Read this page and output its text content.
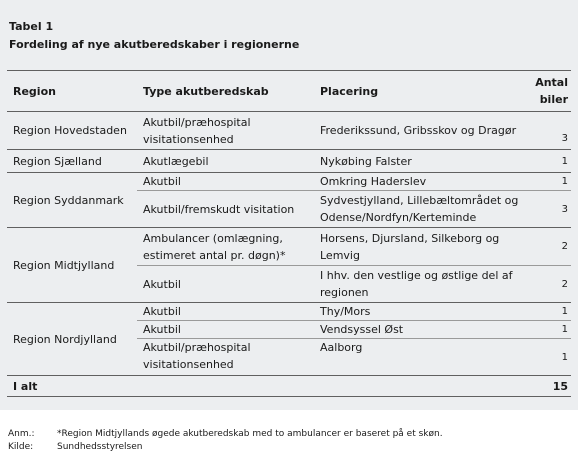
Tabel 1
Fordeling af nye akutberedskaber i regionerne
Region	Type akutberedskab	Placering	Antal biler
Region Hovedstaden	Akutbil/præhospital visitationsenhed	Frederikssund, Gribsskov og Dragør	3
Region Sjælland	Akutlægebil	Nykøbing Falster	1
Region Syddanmark	Akutbil	Omkring Haderslev	1
	Akutbil/fremskudt visitation	Sydvestjylland, Lillebæltområdet og Odense/Nordfyn/Kerteminde	3
Region Midtjylland	Ambulancer (omlægning, estimeret antal pr. døgn)*	Horsens, Djursland, Silkeborg og Lemvig	2
	Akutbil	I hhv. den vestlige og østlige del af regionen	2
Region Nordjylland	Akutbil	Thy/Mors	1
	Akutbil	Vendsyssel Øst	1
	Akutbil/præhospital visitationsenhed	Aalborg	1
I alt			15
Anm.: *Region Midtjyllands øgede akutberedskab med to ambulancer er baseret på et skøn.
Kilde:	Sundhedsstyrelsen
